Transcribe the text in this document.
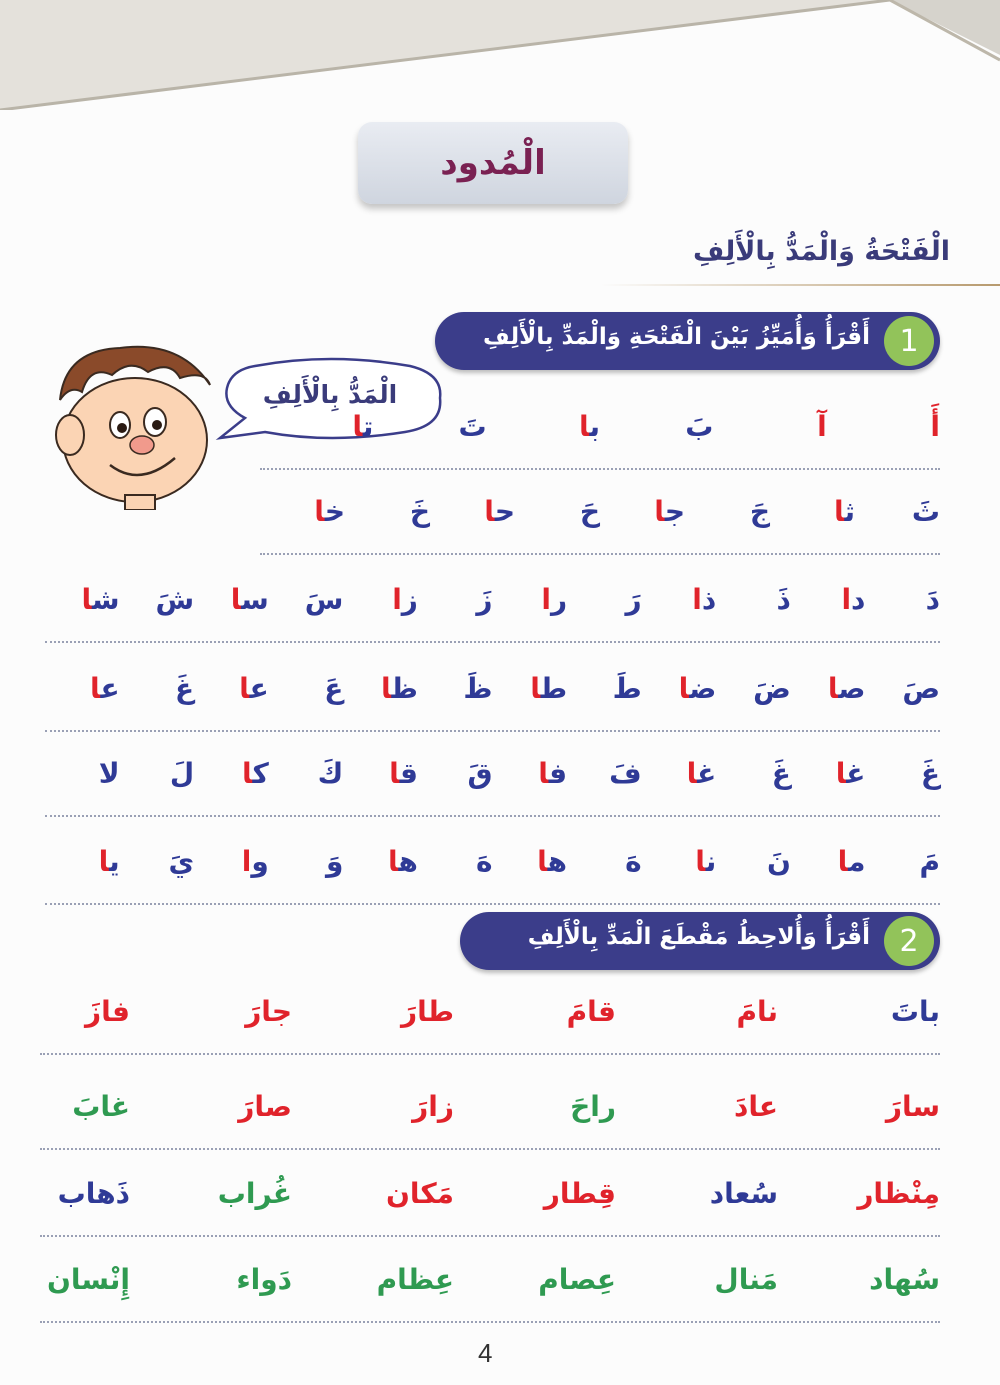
الْمُدود
الْفَتْحَةُ وَالْمَدُّ بِالْأَلِفِ
1
أَقْرَأُ وَأُمَيِّزُ بَيْنَ الْفَتْحَةِ وَالْمَدِّ بِالْأَلِفِ
الْمَدُّ بِالْأَلِفِ
أَ
آ
بَ
با
تَ
تا
ثَ
ثا
جَ
جا
حَ
حا
خَ
خا
دَ
دا
ذَ
ذا
رَ
را
زَ
زا
سَ
سا
شَ
شا
صَ
صا
ضَ
ضا
طَ
طا
ظَ
ظا
عَ
عا
غَ
عا
غَ
غا
غَ
غا
فَ
فا
قَ
قا
كَ
كا
لَ
ل
مَ
ما
نَ
نا
هَ
ها
هَ
ها
وَ
وا
يَ
يا
2
أَقْرَأُ وَأُلاحِظُ مَقْطَعَ الْمَدِّ بِالْأَلِفِ
باتَ
نامَ
قامَ
طارَ
جارَ
فازَ
سارَ
عادَ
راحَ
زارَ
صارَ
غابَ
مِنْظار
سُعاد
قِطار
مَكان
غُراب
ذَهاب
سُهاد
مَنال
عِصام
عِظام
دَواء
إِنْسان
4
